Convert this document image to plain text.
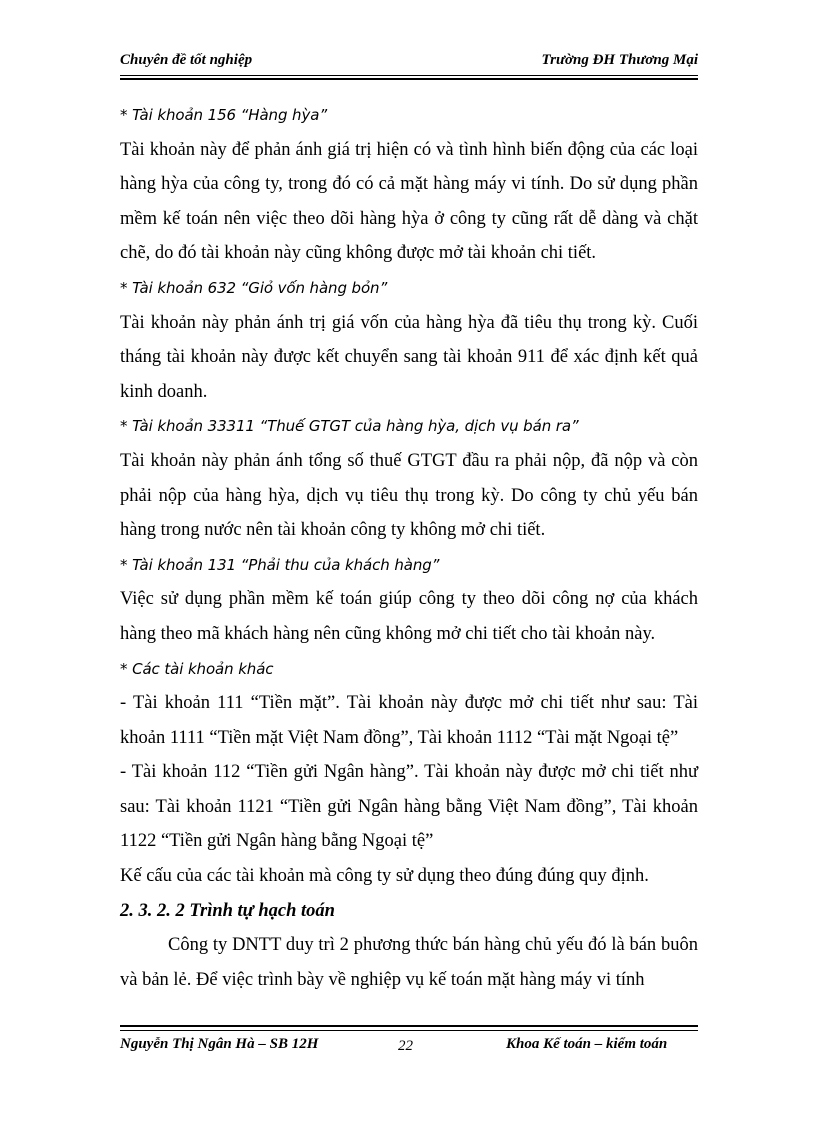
Chuyên đề tốt nghiệp	Trường ĐH Thương Mại

* Tài khoản 156 “Hàng hỳa”

Tài khoản này để phản ánh giá trị hiện có và tình hình biến động của các loại hàng hỳa của công ty, trong đó có cả mặt hàng máy vi tính. Do sử dụng phần mềm kế toán nên việc theo dõi hàng hỳa ở công ty cũng rất dễ dàng và chặt chẽ, do đó tài khoản này cũng không được mở tài khoản chi tiết.

* Tài khoản 632 “Giỏ vốn hàng bỏn”

Tài khoản này phản ánh trị giá vốn của hàng hỳa đã tiêu thụ trong kỳ. Cuối tháng tài khoản này được kết chuyển sang tài khoản 911 để xác định kết quả kinh doanh.

* Tài khoản 33311 “Thuế GTGT của hàng hỳa, dịch vụ bán ra”

Tài khoản này phản ánh tổng số thuế GTGT đầu ra phải nộp, đã nộp và còn phải nộp của hàng hỳa, dịch vụ tiêu thụ trong kỳ. Do công ty chủ yếu bán hàng trong nước nên tài khoản công ty không mở chi tiết.

* Tài khoản 131 “Phải thu của khách hàng”

Việc sử dụng phần mềm kế toán giúp công ty theo dõi công nợ của khách hàng theo mã khách hàng nên cũng không mở chi tiết cho tài khoản này.

* Các tài khoản khác

- Tài khoản 111 “Tiền mặt”. Tài khoản này được mở chi tiết như sau: Tài khoản 1111 “Tiền mặt Việt Nam đồng”, Tài khoản 1112 “Tài mặt Ngoại tệ”

- Tài khoản 112 “Tiền gửi Ngân hàng”. Tài khoản này được mở chi tiết như sau: Tài khoản 1121 “Tiền gửi Ngân hàng bằng Việt Nam đồng”, Tài khoản 1122 “Tiền gửi Ngân hàng bằng Ngoại tệ”

Kế cấu của các tài khoản mà công ty sử dụng theo đúng đúng quy định.

2. 3. 2. 2 Trình tự hạch toán

Công ty DNTT duy trì 2 phương thức bán hàng chủ yếu đó là bán buôn và bản lẻ. Để việc trình bày về nghiệp vụ kế toán mặt hàng máy vi tính

Nguyễn Thị Ngân Hà – SB 12H	22	Khoa Kế toán – kiểm toán
